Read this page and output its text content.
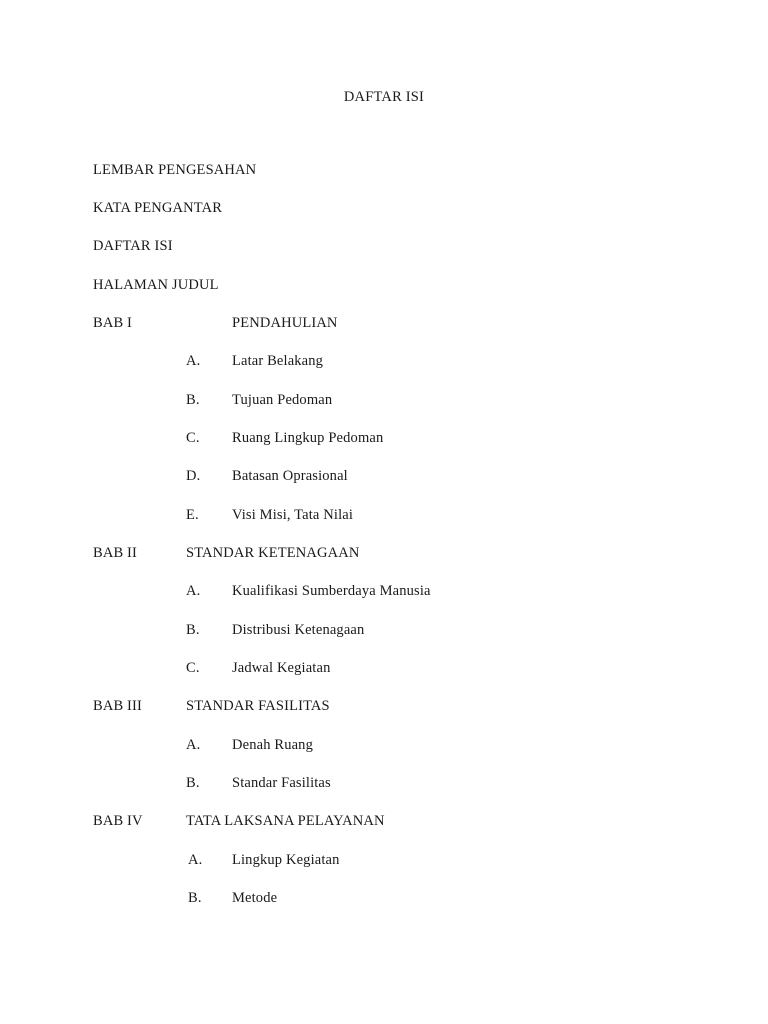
DAFTAR ISI
LEMBAR PENGESAHAN
KATA PENGANTAR
DAFTAR ISI
HALAMAN JUDUL
BAB I	PENDAHULIAN
A. Latar Belakang
B. Tujuan Pedoman
C. Ruang Lingkup Pedoman
D. Batasan Oprasional
E. Visi Misi, Tata Nilai
BAB II	STANDAR KETENAGAAN
A. Kualifikasi Sumberdaya Manusia
B. Distribusi Ketenagaan
C. Jadwal Kegiatan
BAB III	STANDAR FASILITAS
A. Denah Ruang
B. Standar Fasilitas
BAB IV	TATA LAKSANA PELAYANAN
A. Lingkup Kegiatan
B. Metode
